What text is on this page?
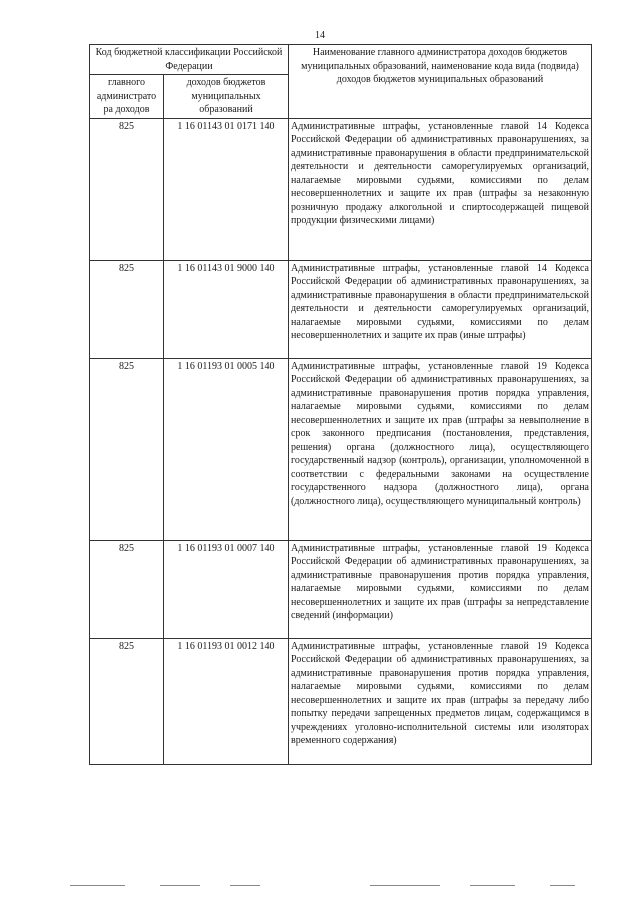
14
Код бюджетной классификации Российской Федерации		Наименование главного администратора доходов бюджетов муниципальных образований, наименование кода вида (подвида) доходов бюджетов муниципальных образований
главного администрато ра доходов	доходов бюджетов муниципальных образований	
825	1 16 01143 01 0171 140	Административные штрафы, установленные главой 14 Кодекса Российской Федерации об административных правонарушениях, за административные правонарушения в области предпринимательской деятельности и деятельности саморегулируемых организаций, налагаемые мировыми судьями, комиссиями по делам несовершеннолетних и защите их прав (штрафы за незаконную розничную продажу алкогольной и спиртосодержащей пищевой продукции физическими лицами)
825	1 16 01143 01 9000 140	Административные штрафы, установленные главой 14 Кодекса Российской Федерации об административных правонарушениях, за административные правонарушения в области предпринимательской деятельности и деятельности саморегулируемых организаций, налагаемые мировыми судьями, комиссиями по делам несовершеннолетних и защите их прав (иные штрафы)
825	1 16 01193 01 0005 140	Административные штрафы, установленные главой 19 Кодекса Российской Федерации об административных правонарушениях, за административные правонарушения против порядка управления, налагаемые мировыми судьями, комиссиями по делам несовершеннолетних и защите их прав (штрафы за невыполнение в срок законного предписания (постановления, представления, решения) органа (должностного лица), осуществляющего государственный надзор (контроль), организации, уполномоченной в соответствии с федеральными законами на осуществление государственного надзора (должностного лица), органа (должностного лица), осуществляющего муниципальный контроль)
825	1 16 01193 01 0007 140	Административные штрафы, установленные главой 19 Кодекса Российской Федерации об административных правонарушениях, за административные правонарушения против порядка управления, налагаемые мировыми судьями, комиссиями по делам несовершеннолетних и защите их прав (штрафы за непредставление сведений (информации)
825	1 16 01193 01 0012 140	Административные штрафы, установленные главой 19 Кодекса Российской Федерации об административных правонарушениях, за административные правонарушения против порядка управления, налагаемые мировыми судьями, комиссиями по делам несовершеннолетних и защите их прав (штрафы за передачу либо попытку передачи запрещенных предметов лицам, содержащимся в учреждениях уголовно-исполнительной системы или изоляторах временного содержания)
